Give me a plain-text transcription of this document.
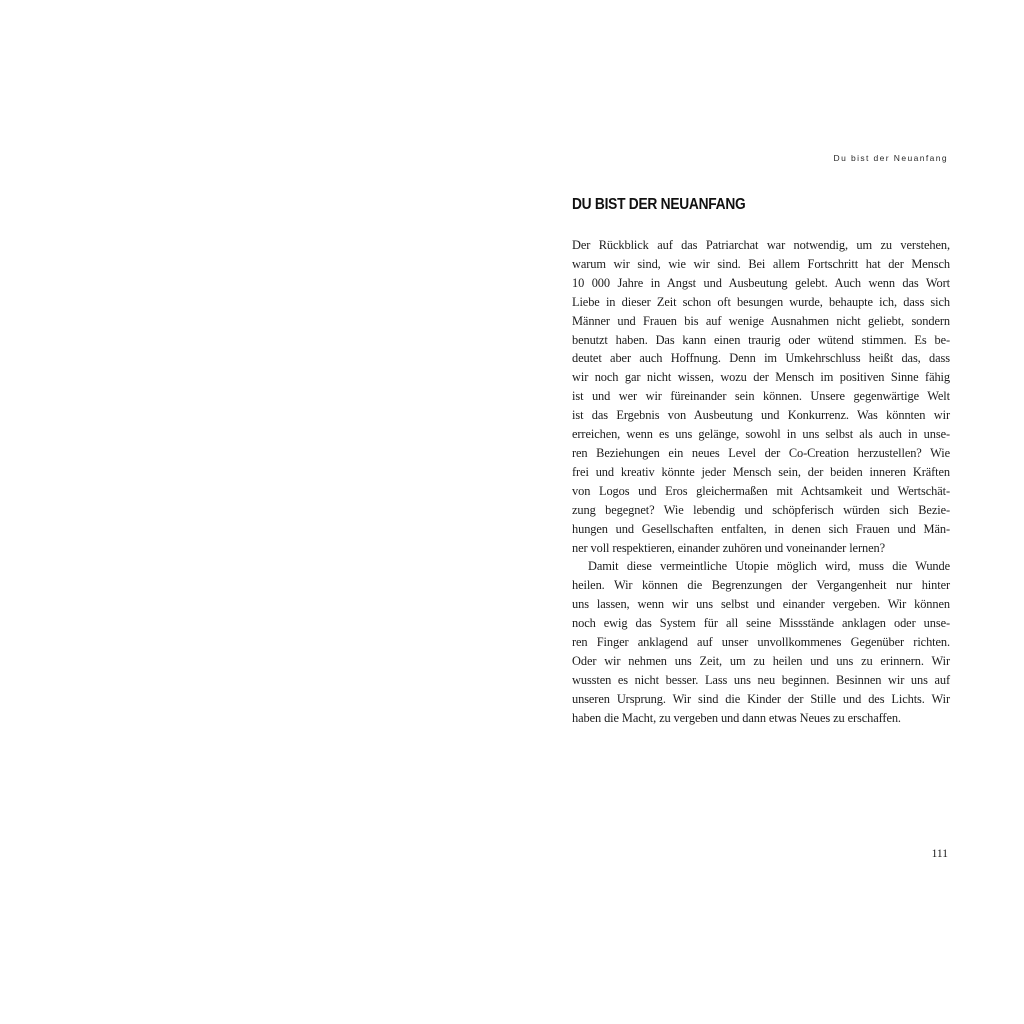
Du bist der Neuanfang
DU BIST DER NEUANFANG

Der Rückblick auf das Patriarchat war notwendig, um zu verstehen,
warum wir sind, wie wir sind. Bei allem Fortschritt hat der Mensch
10 000 Jahre in Angst und Ausbeutung gelebt. Auch wenn das Wort
Liebe in dieser Zeit schon oft besungen wurde, behaupte ich, dass sich
Männer und Frauen bis auf wenige Ausnahmen nicht geliebt, sondern
benutzt haben. Das kann einen traurig oder wütend stimmen. Es be-
deutet aber auch Hoffnung. Denn im Umkehrschluss heißt das, dass
wir noch gar nicht wissen, wozu der Mensch im positiven Sinne fähig
ist und wer wir füreinander sein können. Unsere gegenwärtige Welt
ist das Ergebnis von Ausbeutung und Konkurrenz. Was könnten wir
erreichen, wenn es uns gelänge, sowohl in uns selbst als auch in unse-
ren Beziehungen ein neues Level der Co-Creation herzustellen? Wie
frei und kreativ könnte jeder Mensch sein, der beiden inneren Kräften
von Logos und Eros gleichermaßen mit Achtsamkeit und Wertschät-
zung begegnet? Wie lebendig und schöpferisch würden sich Bezie-
hungen und Gesellschaften entfalten, in denen sich Frauen und Män-
ner voll respektieren, einander zuhören und voneinander lernen?

Damit diese vermeintliche Utopie möglich wird, muss die Wunde
heilen. Wir können die Begrenzungen der Vergangenheit nur hinter
uns lassen, wenn wir uns selbst und einander vergeben. Wir können
noch ewig das System für all seine Missstände anklagen oder unse-
ren Finger anklagend auf unser unvollkommenes Gegenüber richten.
Oder wir nehmen uns Zeit, um zu heilen und uns zu erinnern. Wir
wussten es nicht besser. Lass uns neu beginnen. Besinnen wir uns auf
unseren Ursprung. Wir sind die Kinder der Stille und des Lichts. Wir
haben die Macht, zu vergeben und dann etwas Neues zu erschaffen.

111
